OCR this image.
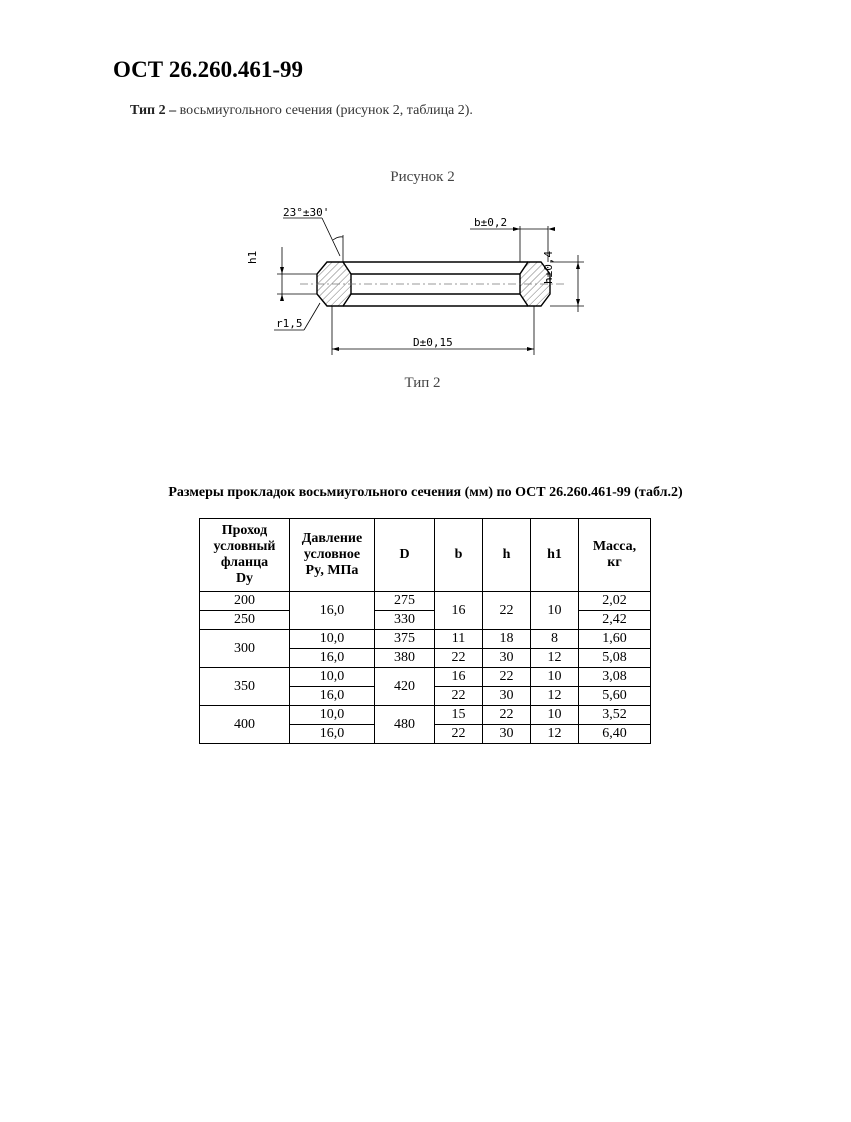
ОСТ 26.260.461-99
Тип 2 – восьмиугольного сечения (рисунок 2, таблица 2).
Рисунок 2
23°±30'
b±0,2
h1	h±0,4
r1,5
D±0,15
Тип 2
Размеры прокладок восьмиугольного сечения (мм) по ОСТ 26.260.461-99 (табл.2)
Проход
условный
фланца
Dy	Давление
условное
Py, МПа	D	b	h	h1	Масса,
кг
200	16,0	275	16	22	10	2,02
250		330				2,42
300	10,0	375	11	18	8	1,60
	16,0	380	22	30	12	5,08
350	10,0	420	16	22	10	3,08
	16,0		22	30	12	5,60
400	10,0	480	15	22	10	3,52
	16,0		22	30	12	6,40
